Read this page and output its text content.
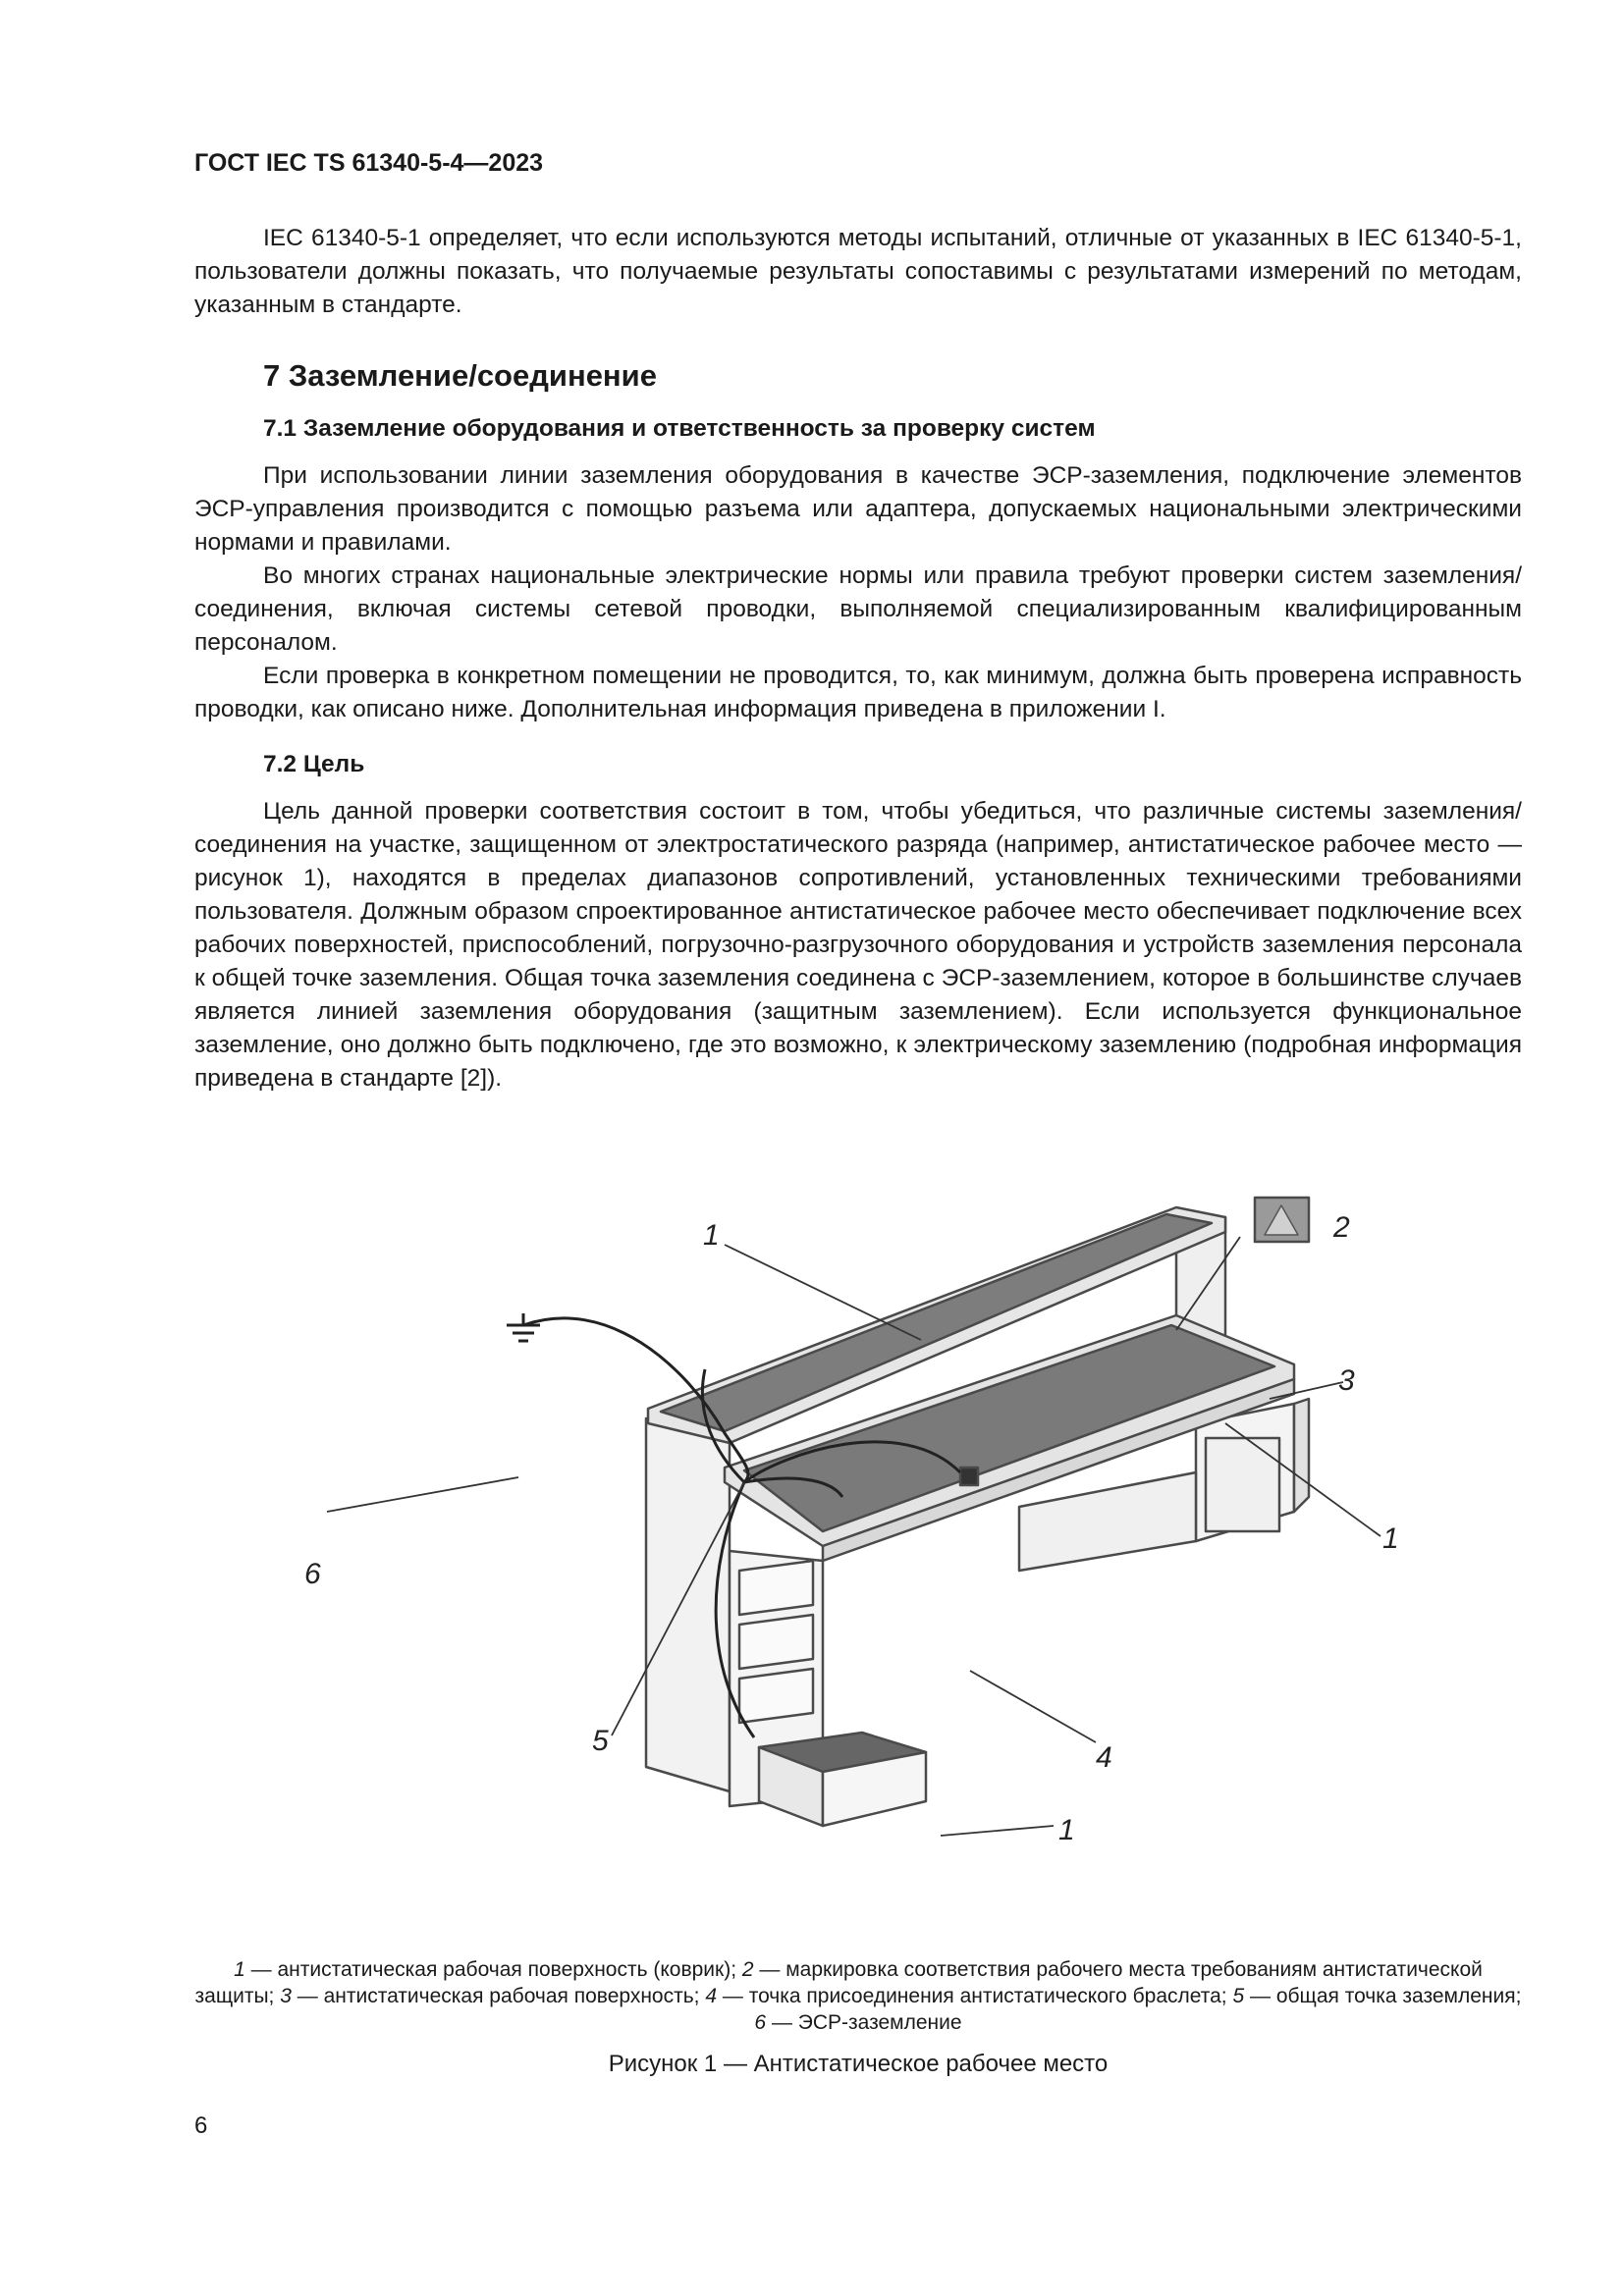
ГОСТ IEC TS 61340-5-4—2023

IEC 61340-5-1 определяет, что если используются методы испытаний, отличные от указанных в IEC 61340-5-1, пользователи должны показать, что получаемые результаты сопоставимы с результатами измерений по методам, указанным в стандарте.

7 Заземление/соединение
7.1 Заземление оборудования и ответственность за проверку систем

При использовании линии заземления оборудования в качестве ЭСР-заземления, подключение элементов ЭСР-управления производится с помощью разъема или адаптера, допускаемых национальными электрическими нормами и правилами.

Во многих странах национальные электрические нормы или правила требуют проверки систем заземления/соединения, включая системы сетевой проводки, выполняемой специализированным квалифицированным персоналом.

Если проверка в конкретном помещении не проводится, то, как минимум, должна быть проверена исправность проводки, как описано ниже. Дополнительная информация приведена в приложении I.

7.2 Цель

Цель данной проверки соответствия состоит в том, чтобы убедиться, что различные системы заземления/соединения на участке, защищенном от электростатического разряда (например, антистатическое рабочее место — рисунок 1), находятся в пределах диапазонов сопротивлений, установленных техническими требованиями пользователя. Должным образом спроектированное антистатическое рабочее место обеспечивает подключение всех рабочих поверхностей, приспособлений, погрузочно-разгрузочного оборудования и устройств заземления персонала к общей точке заземления. Общая точка заземления соединена с ЭСР-заземлением, которое в большинстве случаев является линией заземления оборудования (защитным заземлением). Если используется функциональное заземление, оно должно быть подключено, где это возможно, к электрическому заземлению (подробная информация приведена в стандарте [2]).

1	2
3
1
6
5
4
1
1 — антистатическая рабочая поверхность (коврик); 2 — маркировка соответствия рабочего места требованиям антистатической защиты; 3 — антистатическая рабочая поверхность; 4 — точка присоединения антистатического браслета; 5 — общая точка заземления; 6 — ЭСР-заземление
Рисунок 1 — Антистатическое рабочее место
6
